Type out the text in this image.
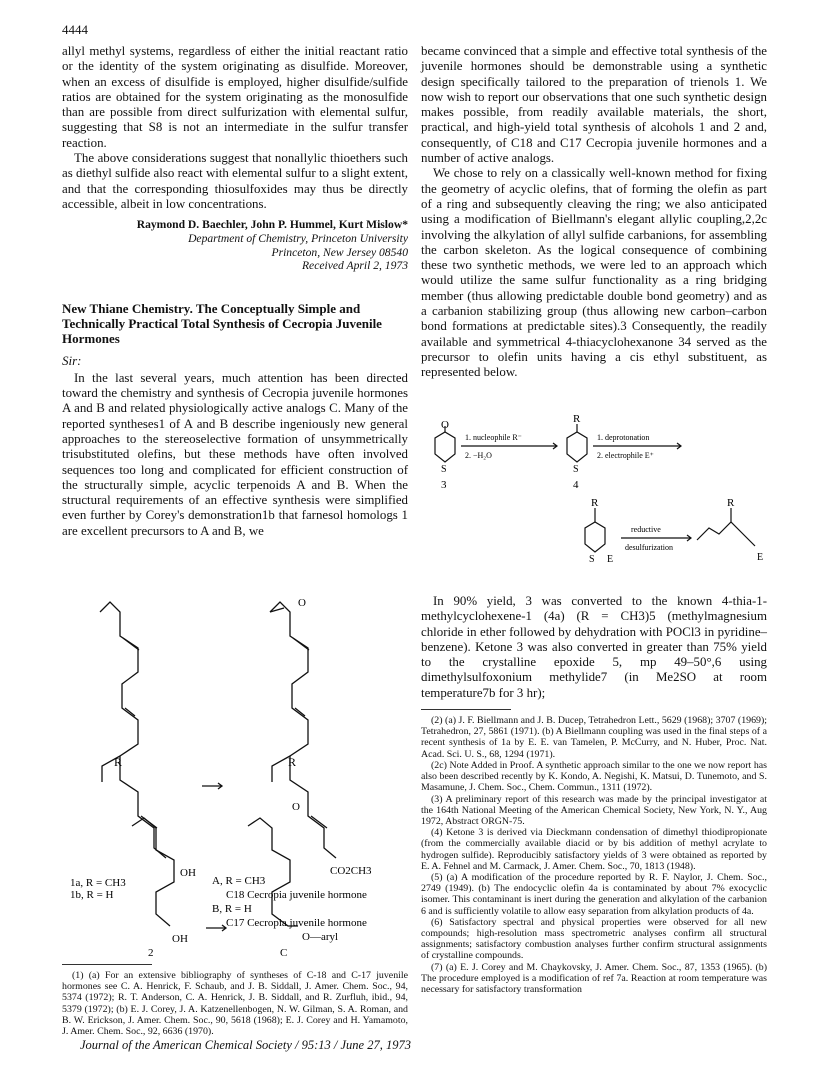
4444

allyl methyl systems, regardless of either the initial reactant ratio or the identity of the system originating as disulfide. Moreover, when an excess of disulfide is employed, higher disulfide/sulfide ratios are obtained for the system originating as the monosulfide than are possible from direct sulfurization with elemental sulfur, suggesting that S8 is not an intermediate in the sulfur transfer reaction.

The above considerations suggest that nonallylic thioethers such as diethyl sulfide also react with elemental sulfur to a slight extent, and that the corresponding thiosulfoxides may thus be directly accessible, albeit in low concentrations.

Raymond D. Baechler, John P. Hummel, Kurt Mislow*
Department of Chemistry, Princeton University
Princeton, New Jersey 08540
Received April 2, 1973
New Thiane Chemistry. The Conceptually Simple and Technically Practical Total Synthesis of Cecropia Juvenile Hormones
Sir:

In the last several years, much attention has been directed toward the chemistry and synthesis of Cecropia juvenile hormones A and B and related physiologically active analogs C. Many of the reported syntheses1 of A and B describe ingeniously new general approaches to the stereoselective formation of unsymmetrically trisubstituted olefins, but these methods have often involved sequences too long and complicated for efficient construction of the structurally simple, acyclic terpenoids A and B. When the structural requirements of an effective synthesis were simplified even further by Corey's demonstration1b that farnesol homologs 1 are excellent precursors to A and B, we

R	R
OH	CO2CH3
O
O
1a, R = CH3
1b, R = H
A, R = CH3
C18 Cecropia juvenile hormone
B, R = H
C17 Cecropia juvenile hormone
OH	O—aryl
2	C

(1) (a) For an extensive bibliography of syntheses of C-18 and C-17 juvenile hormones see C. A. Henrick, F. Schaub, and J. B. Siddall, J. Amer. Chem. Soc., 94, 5374 (1972); R. T. Anderson, C. A. Henrick, J. B. Siddall, and R. Zurfluh, ibid., 94, 5379 (1972); (b) E. J. Corey, J. A. Katzenellenbogen, N. W. Gilman, S. A. Roman, and B. W. Erickson, J. Amer. Chem. Soc., 90, 5618 (1968); E. J. Corey and H. Yamamoto, J. Amer. Chem. Soc., 92, 6636 (1970).

became convinced that a simple and effective total synthesis of the juvenile hormones should be demonstrable using a synthetic design specifically tailored to the preparation of trienols 1. We now wish to report our observations that one such synthetic design makes possible, from readily available materials, the short, practical, and high-yield total synthesis of alcohols 1 and 2 and, consequently, of C18 and C17 Cecropia juvenile hormones and a number of active analogs.

We chose to rely on a classically well-known method for fixing the geometry of acyclic olefins, that of forming the olefin as part of a ring and subsequently cleaving the ring; we also anticipated using a modification of Biellmann's elegant allylic coupling,2,2c involving the alkylation of allyl sulfide carbanions, for assembling the carbon skeleton. As the logical consequence of combining these two synthetic methods, we were led to an approach which would utilize the same sulfur functionality as a ring bridging member (thus allowing predictable double bond geometry) and as a carbanion stabilizing group (thus allowing new carbon–carbon bond formations at predictable sites).3 Consequently, the readily available and symmetrical 4-thiacyclohexanone 34 served as the precursor to olefin units having a cis ethyl substituent, as represented below.

O	R
S	S
3	4
1. nucleophile R⁻
2. −H₂O
1. deprotonation
2. electrophile E⁺
R	R
S E	E
reductive
desulfurization

In 90% yield, 3 was converted to the known 4-thia-1-methylcyclohexene-1 (4a) (R = CH3)5 (methylmagnesium chloride in ether followed by dehydration with POCl3 in pyridine–benzene). Ketone 3 was also converted in greater than 75% yield to the crystalline epoxide 5, mp 49–50°,6 using dimethylsulfoxonium methylide7 (in Me2SO at room temperature7b for 3 hr);

(2) (a) J. F. Biellmann and J. B. Ducep, Tetrahedron Lett., 5629 (1968); 3707 (1969); Tetrahedron, 27, 5861 (1971). (b) A Biellmann coupling was used in the final steps of a recent synthesis of 1a by E. E. van Tamelen, P. McCurry, and N. Huber, Proc. Nat. Acad. Sci. U. S., 68, 1294 (1971).

(2c) Note Added in Proof. A synthetic approach similar to the one we now report has also been described recently by K. Kondo, A. Negishi, K. Matsui, D. Tunemoto, and S. Masamune, J. Chem. Soc., Chem. Commun., 1311 (1972).

(3) A preliminary report of this research was made by the principal investigator at the 164th National Meeting of the American Chemical Society, New York, N. Y., Aug 1972, Abstract ORGN-75.

(4) Ketone 3 is derived via Dieckmann condensation of dimethyl thiodipropionate (from the commercially available diacid or by bis addition of methyl acrylate to hydrogen sulfide). Reproducibly satisfactory yields of 3 were obtained as reported by E. A. Fehnel and M. Carmack, J. Amer. Chem. Soc., 70, 1813 (1948).

(5) (a) A modification of the procedure reported by R. F. Naylor, J. Chem. Soc., 2749 (1949). (b) The endocyclic olefin 4a is contaminated by about 7% exocyclic isomer. This contaminant is inert during the generation and alkylation of the carbanion 6 and is sufficiently volatile to allow easy separation from alkylation products of 4a.

(6) Satisfactory spectral and physical properties were observed for all new compounds; high-resolution mass spectrometric analyses confirm all structural assignments; satisfactory combustion analyses further confirm structural assignments of crystalline compounds.

(7) (a) E. J. Corey and M. Chaykovsky, J. Amer. Chem. Soc., 87, 1353 (1965). (b) The procedure employed is a modification of ref 7a. Reaction at room temperature was necessary for satisfactory transformation

Journal of the American Chemical Society / 95:13 / June 27, 1973
